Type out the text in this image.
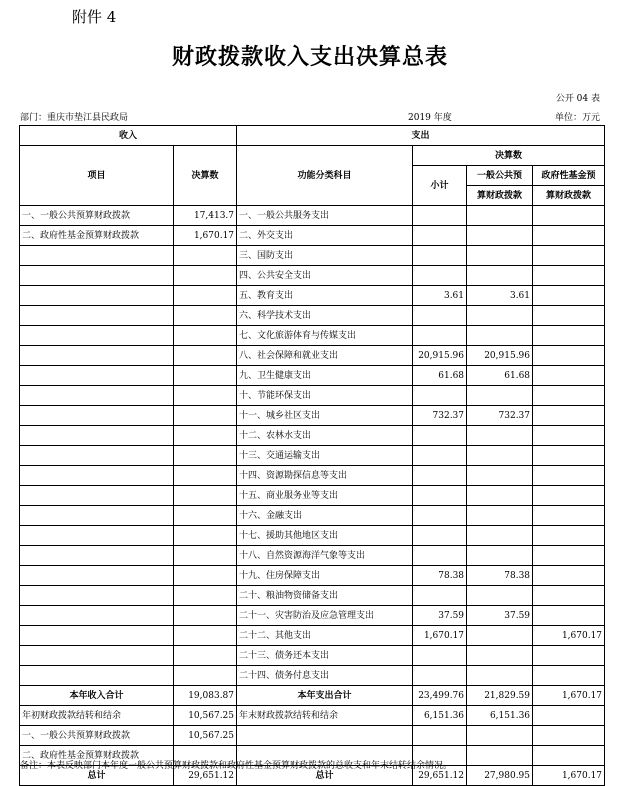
附件 4
财政拨款收入支出决算总表
公开 04 表
部门：重庆市垫江县民政局	2019 年度	单位：万元
收入		支出			
项目	决算数	功能分类科目	决算数		
			小计	一般公共预	政府性基金预
				算财政拨款	算财政拨款
一、一般公共预算财政拨款	17,413.7	一、一般公共服务支出			
二、政府性基金预算财政拨款	1,670.17	二、外交支出			
		三、国防支出			
		四、公共安全支出			
		五、教育支出	3.61	3.61	
		六、科学技术支出			
		七、文化旅游体育与传媒支出			
		八、社会保障和就业支出	20,915.96	20,915.96	
		九、卫生健康支出	61.68	61.68	
		十、节能环保支出			
		十一、城乡社区支出	732.37	732.37	
		十二、农林水支出			
		十三、交通运输支出			
		十四、资源勘探信息等支出			
		十五、商业服务业等支出			
		十六、金融支出			
		十七、援助其他地区支出			
		十八、自然资源海洋气象等支出			
		十九、住房保障支出	78.38	78.38	
		二十、粮油物资储备支出			
		二十一、灾害防治及应急管理支出	37.59	37.59	
		二十二、其他支出	1,670.17		1,670.17
		二十三、债务还本支出			
		二十四、债务付息支出			
本年收入合计	19,083.87	本年支出合计	23,499.76	21,829.59	1,670.17
年初财政拨款结转和结余	10,567.25	年末财政拨款结转和结余	6,151.36	6,151.36	
一、一般公共预算财政拨款	10,567.25				
二、政府性基金预算财政拨款					
总计	29,651.12	总计	29,651.12	27,980.95	1,670.17
备注：本表反映部门本年度一般公共预算财政拨款和政府性基金预算财政拨款的总收支和年末结转结余情况。
